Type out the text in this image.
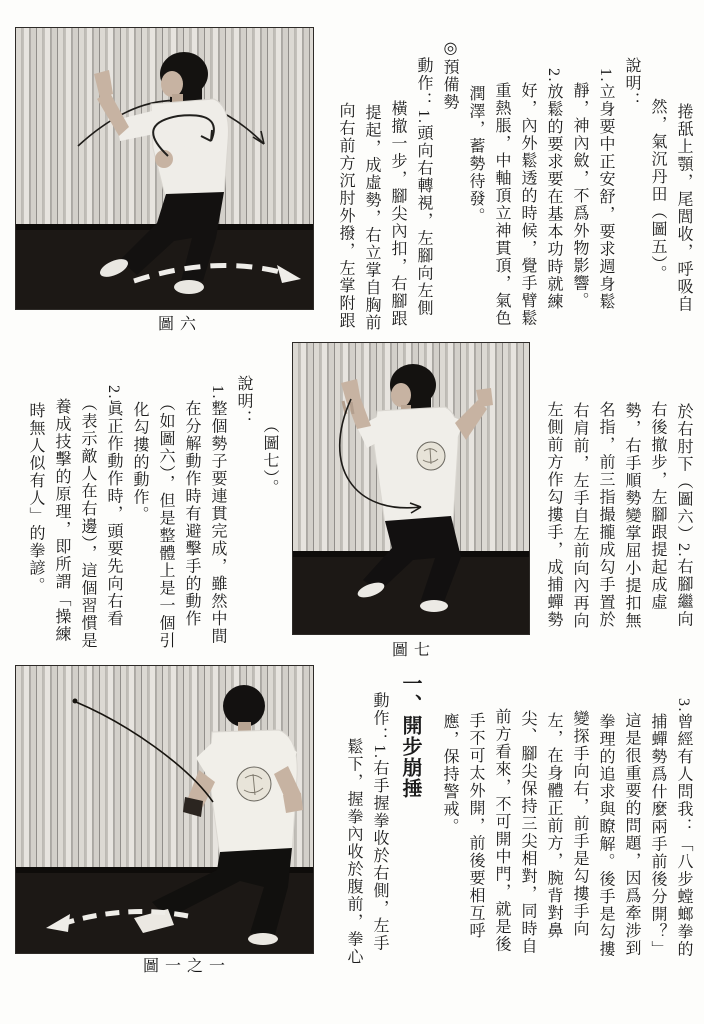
圖六
圖七
圖一之一
捲舐上顎，尾閭收，呼吸自
然，氣沉丹田（圖五）。
說明：
1.立身要中正安舒，要求週身鬆
靜，神內斂，不爲外物影響。
2.放鬆的要求要在基本功時就練
好，內外鬆透的時候，覺手臂鬆
重熱脹，中軸頂立神貫頂，氣色
潤澤，蓄勢待發。
◎預備勢
動作：1.頭向右轉視，左腳向左側
橫撤一步，腳尖內扣，右腳跟
提起，成虛勢，右立掌自胸前
向右前方沉肘外撥，左掌附跟
於右肘下（圖六）2.右腳繼向
右後撤步，左腳跟提起成虛
勢，右手順勢變掌屈小提扣無
名指，前三指撮攏成勾手置於
右肩前，左手自左前向內再向
左側前方作勾摟手，成捕蟬勢
（圖七）。
說明：
1.整個勢子要連貫完成，雖然中間
在分解動作時有避擊手的動作
（如圖六），但是整體上是一個引
化勾摟的動作。
2.眞正作動作時，頭要先向右看
（表示敵人在右邊），這個習慣是
養成技擊的原理，即所謂「操練
時無人似有人」的拳諺。
3.曾經有人問我：「八步螳螂拳的
捕蟬勢爲什麼兩手前後分開？」
這是很重要的問題，因爲牽涉到
拳理的追求與瞭解。後手是勾摟
變探手向右，前手是勾摟手向
左，在身體正前方，腕背對鼻
尖、腳尖保持三尖相對，同時自
前方看來，不可開中門，就是後
手不可太外開，前後要相互呼
應，保持警戒。
一、開步崩捶
動作：1.右手握拳收於右側，左手
鬆下，握拳內收於腹前，拳心
